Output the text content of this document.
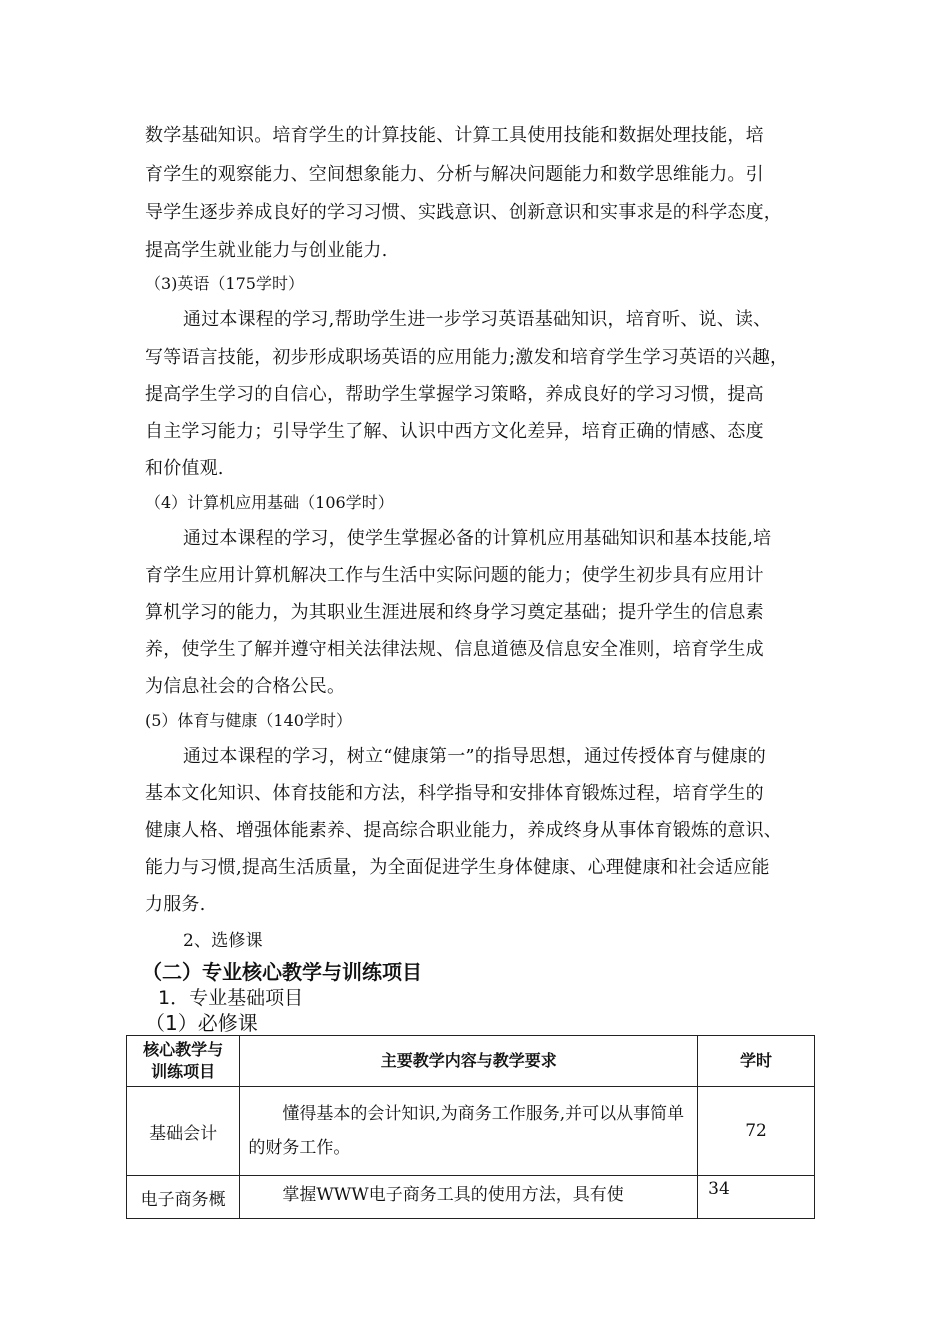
数学基础知识。培育学生的计算技能、计算工具使用技能和数据处理技能，培
育学生的观察能力、空间想象能力、分析与解决问题能力和数学思维能力。引
导学生逐步养成良好的学习习惯、实践意识、创新意识和实事求是的科学态度，
提高学生就业能力与创业能力.
（3)英语（175学时）
通过本课程的学习,帮助学生进一步学习英语基础知识，培育听、说、读、
写等语言技能，初步形成职场英语的应用能力;激发和培育学生学习英语的兴趣，
提高学生学习的自信心，帮助学生掌握学习策略，养成良好的学习习惯，提高
自主学习能力；引导学生了解、认识中西方文化差异，培育正确的情感、态度
和价值观.
（4）计算机应用基础（106学时）
通过本课程的学习，使学生掌握必备的计算机应用基础知识和基本技能,培
育学生应用计算机解决工作与生活中实际问题的能力；使学生初步具有应用计
算机学习的能力，为其职业生涯进展和终身学习奠定基础；提升学生的信息素
养，使学生了解并遵守相关法律法规、信息道德及信息安全准则，培育学生成
为信息社会的合格公民。
(5）体育与健康（140学时）
通过本课程的学习，树立“健康第一”的指导思想，通过传授体育与健康的
基本文化知识、体育技能和方法，科学指导和安排体育锻炼过程，培育学生的
健康人格、增强体能素养、提高综合职业能力，养成终身从事体育锻炼的意识、
能力与习惯,提高生活质量，为全面促进学生身体健康、心理健康和社会适应能
力服务.
2、选修课
（二）专业核心教学与训练项目
1．专业基础项目
（1）必修课
核心教学与
训练项目	主要教学内容与教学要求	学时
基础会计	懂得基本的会计知识,为商务工作服务,并可以从事简单的财务工作。	72
电子商务概	掌握WWW电子商务工具的使用方法，具有使	34
